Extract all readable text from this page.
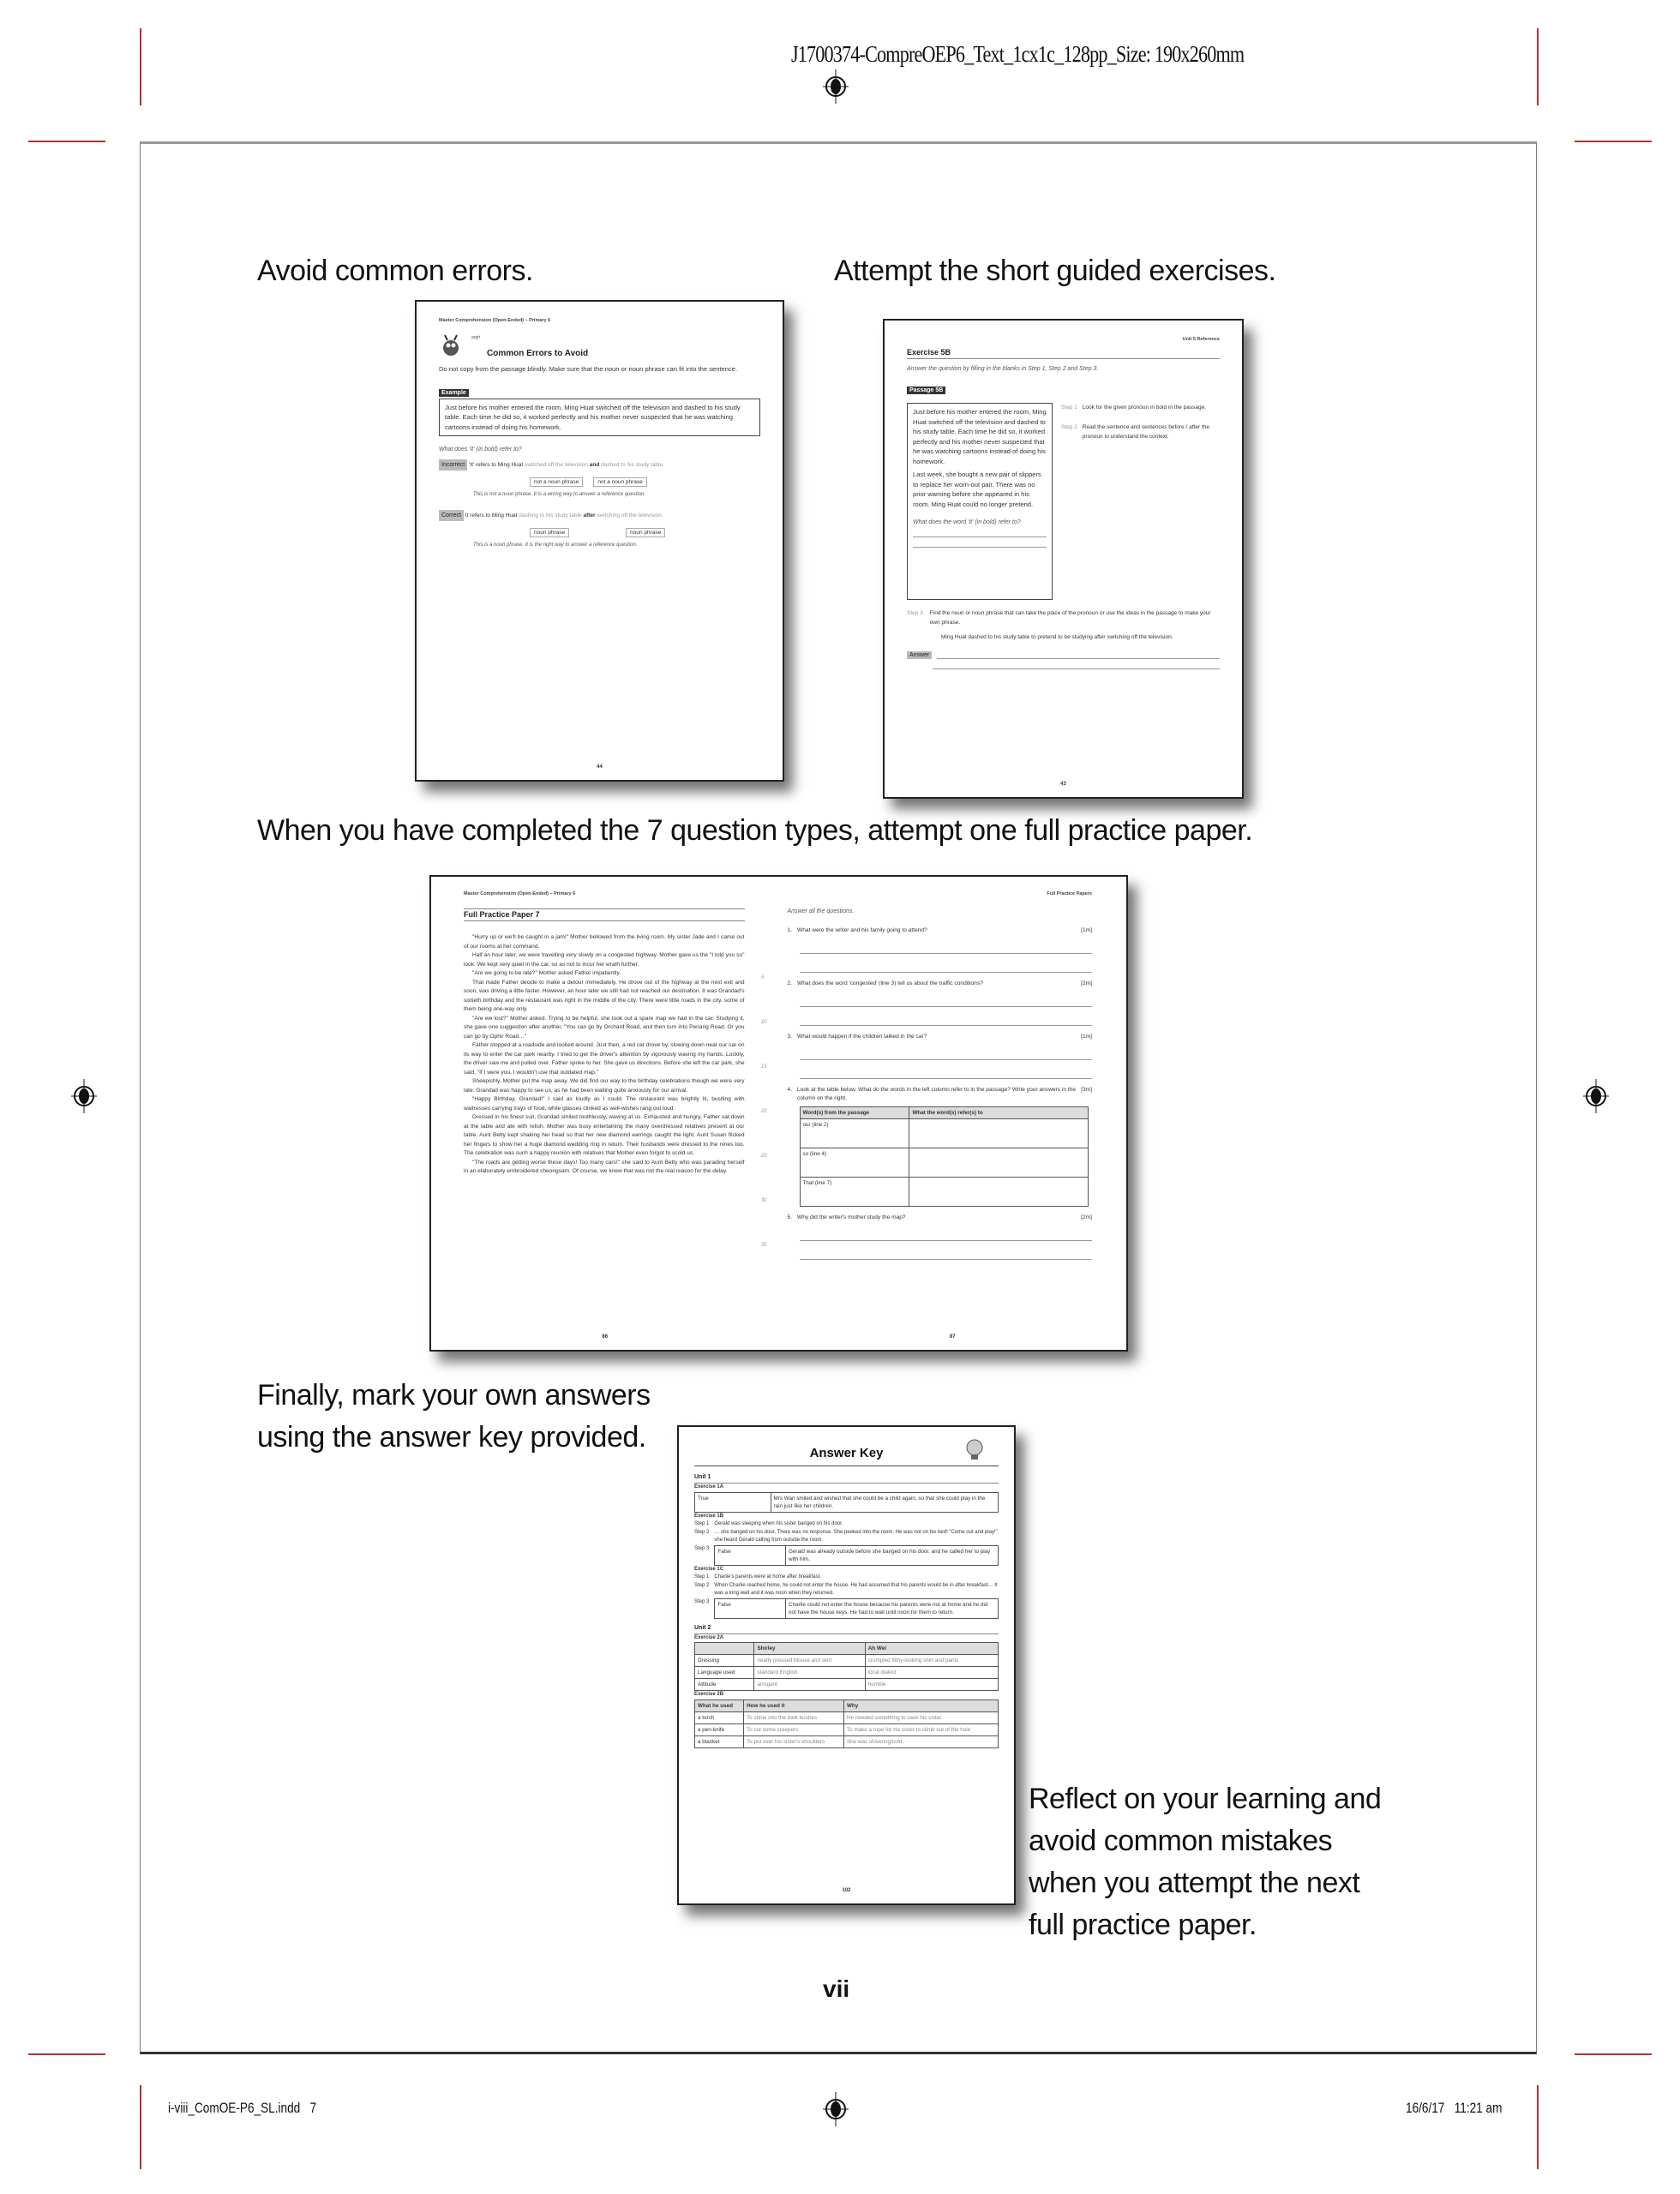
J1700374-CompreOEP6_Text_1cx1c_128pp_Size: 190x260mm
i-viii_ComOE-P6_SL.indd   7	16/6/17   11:21 am
Avoid common errors.	Attempt the short guided exercises.
When you have completed the 7 question types, attempt one full practice paper.
Finally, mark your own answers
using the answer key provided.
Reflect on your learning and
avoid common mistakes
when you attempt the next
full practice paper.
vii
Master Comprehension (Open-Ended) – Primary 6
argh
Common Errors to Avoid

Do not copy from the passage blindly. Make sure that the noun or noun phrase can fit into the sentence.

Example

Just before his mother entered the room, Ming Huat switched off the television and dashed to his study table. Each time he did so, it worked perfectly and his mother never suspected that he was watching cartoons instead of doing his homework.

What does 'it' (in bold) refer to?
Incorrect 'It' refers to Ming Huat switched off the television and dashed to his study table.
not a noun phrase	not a noun phrase
This is not a noun phrase. It is a wrong way to answer a reference question.
Correct It refers to Ming Huat dashing to his study table after switching off the television.
noun phrase	noun phrase
This is a noun phrase. It is the right way to answer a reference question.
44
Unit 5 Reference
Exercise 5B
Answer the question by filling in the blanks in Step 1, Step 2 and Step 3.
Passage 5B

Just before his mother entered the room, Ming Huat switched off the television and dashed to his study table. Each time he did so, it worked perfectly and his mother never suspected that he was watching cartoons instead of doing his homework.

Last week, she bought a new pair of slippers to replace her worn-out pair. There was no prior warning before she appeared in his room. Ming Huat could no longer pretend.

What does the word 'it' (in bold) refer to?
Step 1 Look for the given pronoun in bold in the passage.
Step 2 Read the sentence and sentences before / after the pronoun to understand the context.
Step 3 Find the noun or noun phrase that can take the place of the pronoun or use the ideas in the passage to make your own phrase.
Ming Huat dashed to his study table to pretend to be studying after switching off the television.
Answer
43
Master Comprehension (Open-Ended) – Primary 6
Full Practice Paper 7

"Hurry up or we'll be caught in a jam!" Mother bellowed from the living room. My sister Jade and I came out of our rooms at her command.

Half an hour later, we were travelling very slowly on a congested highway. Mother gave us the "I told you so" look. We kept very quiet in the car, so as not to incur her wrath further.

"Are we going to be late?" Mother asked Father impatiently.

That made Father decide to make a detour immediately. He drove out of the highway at the next exit and soon, was driving a little faster. However, an hour later we still had not reached our destination. It was Grandad's sixtieth birthday and the restaurant was right in the middle of the city. There were little roads in the city, some of them being one-way only.

"Are we lost?" Mother asked. Trying to be helpful, she took out a spare map we had in the car. Studying it, she gave one suggestion after another, "You can go by Orchard Road, and then turn into Penang Road. Or you can go by Ophir Road…"

Father stopped at a roadside and looked around. Just then, a red car drove by, slowing down near our car on its way to enter the car park nearby. I tried to get the driver's attention by vigorously waving my hands. Luckily, the driver saw me and pulled over. Father spoke to her. She gave us directions. Before she left the car park, she said, "If I were you, I wouldn't use that outdated map."

Sheepishly, Mother put the map away. We did find our way to the birthday celebrations though we were very late. Grandad was happy to see us, as he had been waiting quite anxiously for our arrival.

"Happy Birthday, Grandad!" I said as loudly as I could. The restaurant was brightly lit, bustling with waitresses carrying trays of food, while glasses clinked as well-wishes rang out loud.

Dressed in his finest suit, Grandad smiled toothlessly, waving at us. Exhausted and hungry, Father sat down at the table and ate with relish. Mother was busy entertaining the many overdressed relatives present at our table. Aunt Betty kept shaking her head so that her new diamond earrings caught the light. Aunt Susan flicked her fingers to show her a huge diamond wedding ring in return. Their husbands were dressed to the nines too. The celebration was such a happy reunion with relatives that Mother even forgot to scold us.

"The roads are getting worse these days! Too many cars!" she said to Aunt Betty who was parading herself in an elaborately embroidered cheongsam. Of course, we knew that was not the real reason for the delay.

5
10
15
20
25
30
35
86
Full Practice Papers
Answer all the questions.
1. What were the writer and his family going to attend?	[1m]
2. What does the word 'congested' (line 3) tell us about the traffic conditions?	[2m]
3. What would happen if the children talked in the car?	[1m]
4. Look at the table below. What do the words in the left column refer to in the passage? Write your answers in the column on the right.
[3m]
Word(s) from the passage	What the word(s) refer(s) to
our (line 2)	
so (line 4)	
That (line 7)	
5. Why did the writer's mother study the map?	[2m]
87
Answer Key
Unit 1
Exercise 1A
True	Mrs Wan smiled and wished that she could be a child again, so that she could play in the rain just like her children.
Exercise 1B
Step 1 Gerald was sleeping when his sister banged on his door.
Step 2 … she banged on his door. There was no response. She peeked into the room. He was not on his bed! "Come out and play!" she heard Gerald calling from outside the room.
Step 3 False	Gerald was already outside before she banged on his door, and he called her to play with him.
Exercise 1C
Step 1 Charlie's parents were at home after breakfast.
Step 2 When Charlie reached home, he could not enter the house. He had assumed that his parents would be in after breakfast… It was a long wait and it was noon when they returned.
Step 3 False	Charlie could not enter the house because his parents were not at home and he did not have the house keys. He had to wait until noon for them to return.
Unit 2
Exercise 2A
	Shirley	Ah Wei
Dressing	neatly pressed blouse and skirt	crumpled filthy-looking shirt and pants
Language used	standard English	local dialect
Attitude	arrogant	humble
Exercise 2B
What he used	How he used it	Why
a torch	To shine into the dark bushes	He needed something to save his sister.
a pen-knife	To cut some creepers	To make a rope for his sister to climb out of the hole
a blanket	To put over his sister's shoulders	She was shivering/cold.
102
